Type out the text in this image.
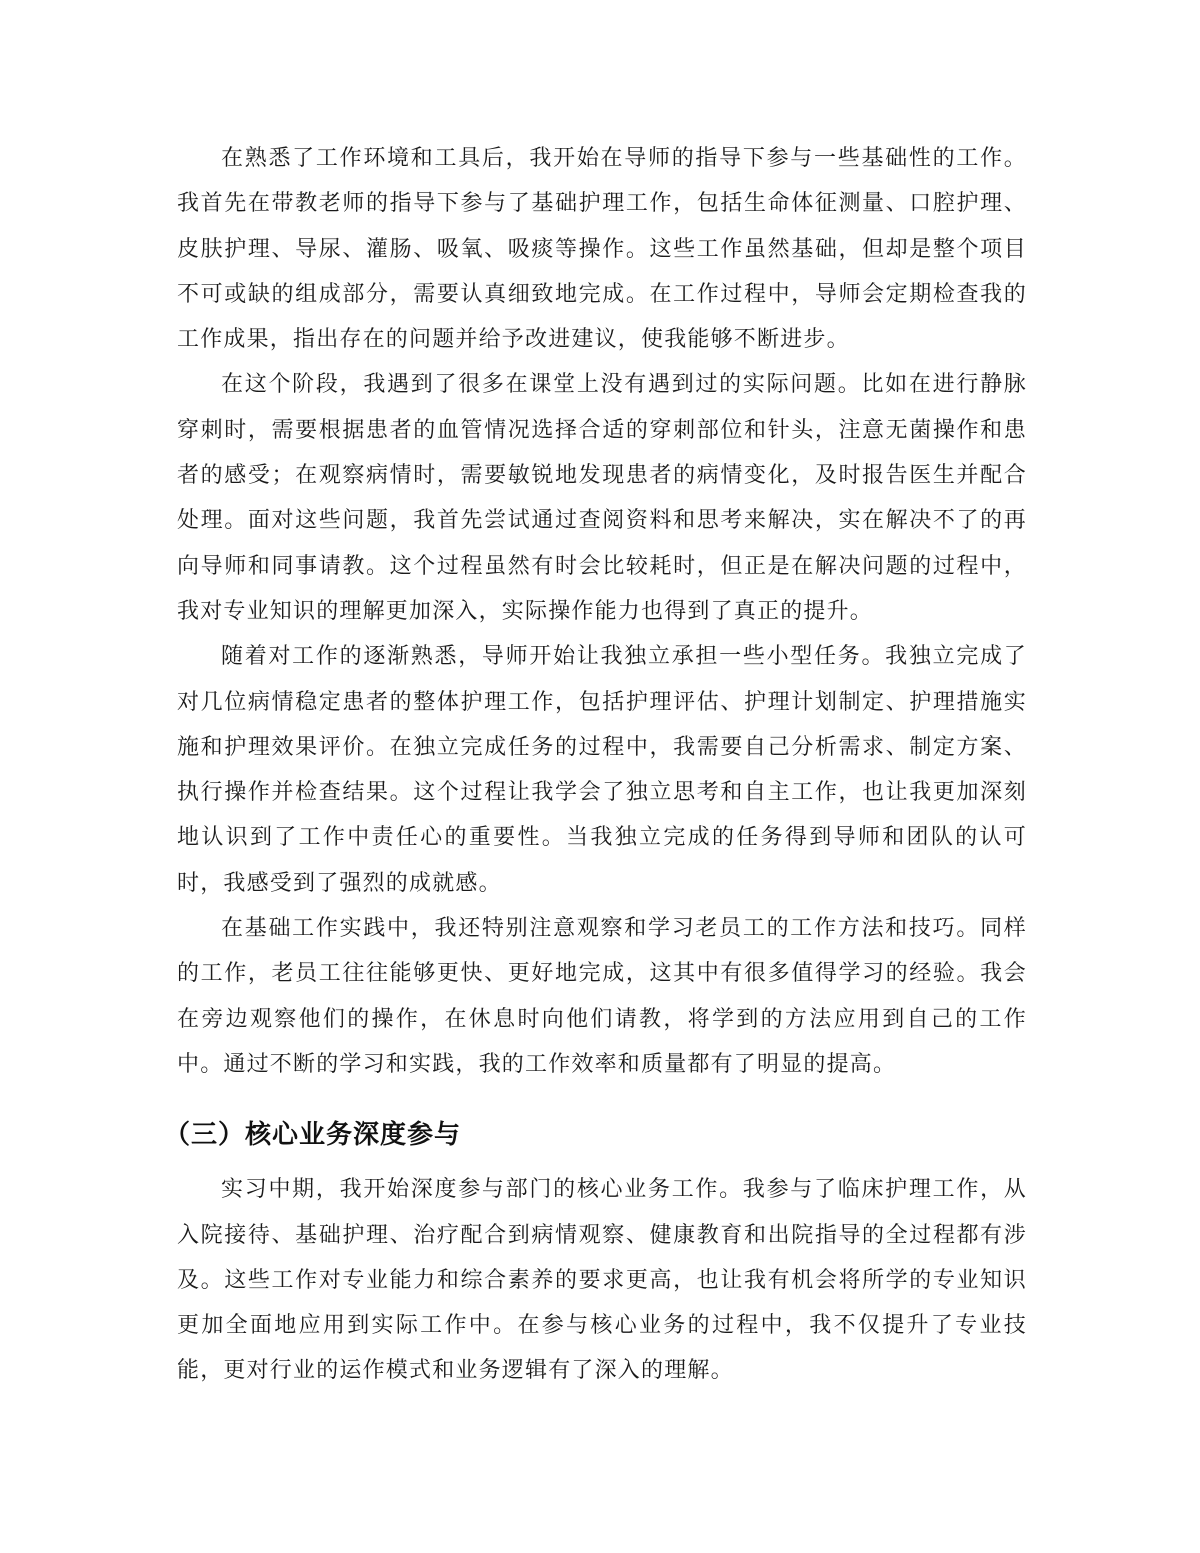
在熟悉了工作环境和工具后，我开始在导师的指导下参与一些基础性的工作。我首先在带教老师的指导下参与了基础护理工作，包括生命体征测量、口腔护理、皮肤护理、导尿、灌肠、吸氧、吸痰等操作。这些工作虽然基础，但却是整个项目不可或缺的组成部分，需要认真细致地完成。在工作过程中，导师会定期检查我的工作成果，指出存在的问题并给予改进建议，使我能够不断进步。

在这个阶段，我遇到了很多在课堂上没有遇到过的实际问题。比如在进行静脉穿刺时，需要根据患者的血管情况选择合适的穿刺部位和针头，注意无菌操作和患者的感受；在观察病情时，需要敏锐地发现患者的病情变化，及时报告医生并配合处理。面对这些问题，我首先尝试通过查阅资料和思考来解决，实在解决不了的再向导师和同事请教。这个过程虽然有时会比较耗时，但正是在解决问题的过程中，我对专业知识的理解更加深入，实际操作能力也得到了真正的提升。

随着对工作的逐渐熟悉，导师开始让我独立承担一些小型任务。我独立完成了对几位病情稳定患者的整体护理工作，包括护理评估、护理计划制定、护理措施实施和护理效果评价。在独立完成任务的过程中，我需要自己分析需求、制定方案、执行操作并检查结果。这个过程让我学会了独立思考和自主工作，也让我更加深刻地认识到了工作中责任心的重要性。当我独立完成的任务得到导师和团队的认可时，我感受到了强烈的成就感。

在基础工作实践中，我还特别注意观察和学习老员工的工作方法和技巧。同样的工作，老员工往往能够更快、更好地完成，这其中有很多值得学习的经验。我会在旁边观察他们的操作，在休息时向他们请教，将学到的方法应用到自己的工作中。通过不断的学习和实践，我的工作效率和质量都有了明显的提高。

（三）核心业务深度参与

实习中期，我开始深度参与部门的核心业务工作。我参与了临床护理工作，从入院接待、基础护理、治疗配合到病情观察、健康教育和出院指导的全过程都有涉及。这些工作对专业能力和综合素养的要求更高，也让我有机会将所学的专业知识更加全面地应用到实际工作中。在参与核心业务的过程中，我不仅提升了专业技能，更对行业的运作模式和业务逻辑有了深入的理解。
